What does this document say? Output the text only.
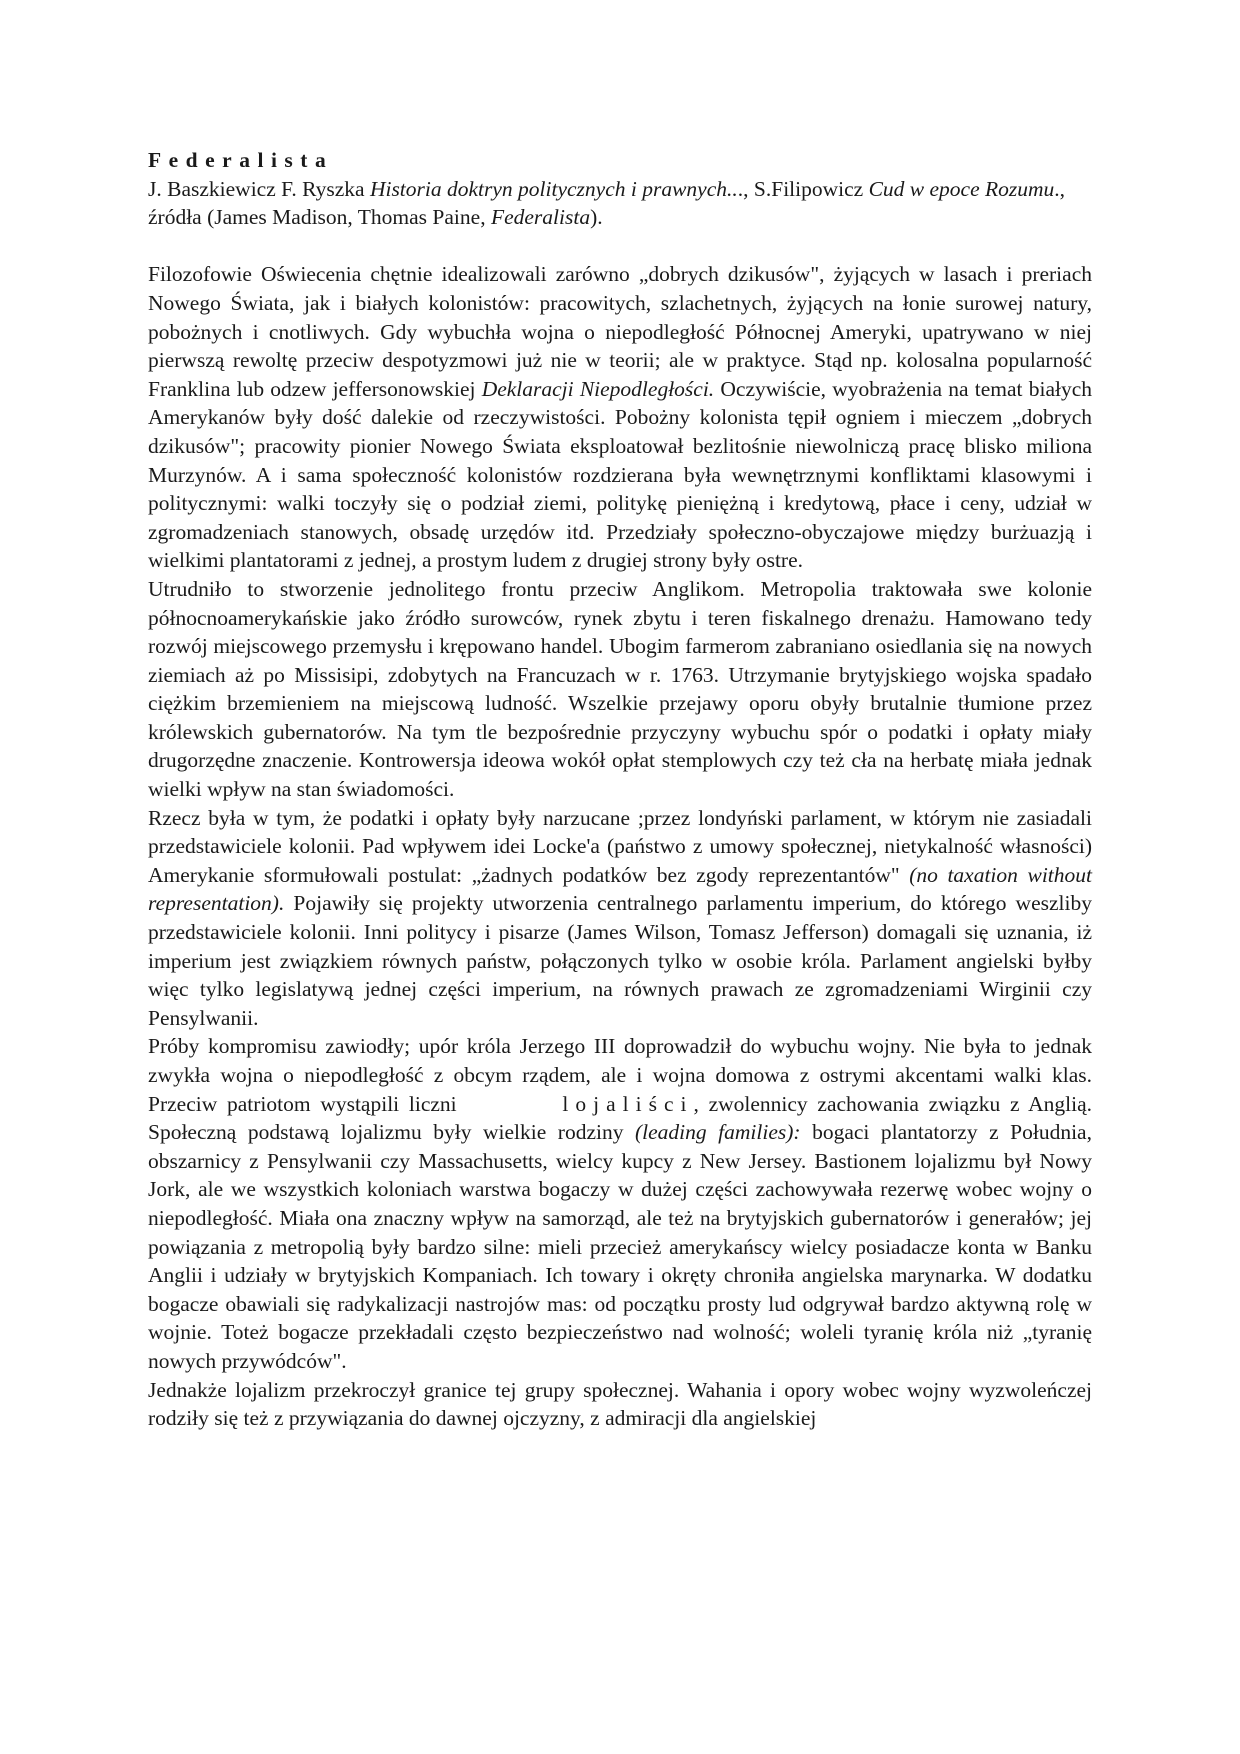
Federalista

J. Baszkiewicz F. Ryszka Historia doktryn politycznych i prawnych..., S.Filipowicz Cud w epoce Rozumu., źródła (James Madison, Thomas Paine, Federalista).

Filozofowie Oświecenia chętnie idealizowali zarówno „dobrych dzikusów", żyjących w lasach i preriach Nowego Świata, jak i białych kolonistów: pracowitych, szlachetnych, żyjących na łonie surowej natury, pobożnych i cnotliwych. Gdy wybuchła wojna o niepodległość Północnej Ameryki, upatrywano w niej pierwszą rewoltę przeciw despotyzmowi już nie w teorii; ale w praktyce. Stąd np. kolosalna popularność Franklina lub odzew jeffersonowskiej Deklaracji Niepodległości. Oczywiście, wyobrażenia na temat białych Amerykanów były dość dalekie od rzeczywistości. Pobożny kolonista tępił ogniem i mieczem „dobrych dzikusów"; pracowity pionier Nowego Świata eksploatował bezlitośnie niewolniczą pracę blisko miliona Murzynów. A i sama społeczność kolonistów rozdzierana była wewnętrznymi konfliktami klasowymi i politycznymi: walki toczyły się o podział ziemi, politykę pieniężną i kredytową, płace i ceny, udział w zgromadzeniach stanowych, obsadę urzędów itd. Przedziały społeczno-obyczajowe między burżuazją i wielkimi plantatorami z jednej, a prostym ludem z drugiej strony były ostre.

Utrudniło to stworzenie jednolitego frontu przeciw Anglikom. Metropolia traktowała swe kolonie północnoamerykańskie jako źródło surowców, rynek zbytu i teren fiskalnego drenażu. Hamowano tedy rozwój miejscowego przemysłu i krępowano handel. Ubogim farmerom zabraniano osiedlania się na nowych ziemiach aż po Missisipi, zdobytych na Francuzach w r. 1763. Utrzymanie brytyjskiego wojska spadało ciężkim brzemieniem na miejscową ludność. Wszelkie przejawy oporu obyły brutalnie tłumione przez królewskich gubernatorów. Na tym tle bezpośrednie przyczyny wybuchu spór o podatki i opłaty miały drugorzędne znaczenie. Kontrowersja ideowa wokół opłat stemplowych czy też cła na herbatę miała jednak wielki wpływ na stan świadomości.

Rzecz była w tym, że podatki i opłaty były narzucane ;przez londyński parlament, w którym nie zasiadali przedstawiciele kolonii. Pad wpływem idei Locke'a (państwo z umowy społecznej, nietykalność własności) Amerykanie sformułowali postulat: „żadnych podatków bez zgody reprezentantów" (no taxation without representation). Pojawiły się projekty utworzenia centralnego parlamentu imperium, do którego weszliby przedstawiciele kolonii. Inni politycy i pisarze (James Wilson, Tomasz Jefferson) domagali się uznania, iż imperium jest związkiem równych państw, połączonych tylko w osobie króla. Parlament angielski byłby więc tylko legislatywą jednej części imperium, na równych prawach ze zgromadzeniami Wirginii czy Pensylwanii.

Próby kompromisu zawiodły; upór króla Jerzego III doprowadził do wybuchu wojny. Nie była to jednak zwykła wojna o niepodległość z obcym rządem, ale i wojna domowa z ostrymi akcentami walki klas. Przeciw patriotom wystąpili liczni	lojaliści, zwolennicy zachowania związku z Anglią. Społeczną podstawą lojalizmu były wielkie rodziny (leading families): bogaci plantatorzy z Południa, obszarnicy z Pensylwanii czy Massachusetts, wielcy kupcy z New Jersey. Bastionem lojalizmu był Nowy Jork, ale we wszystkich koloniach warstwa bogaczy w dużej części zachowywała rezerwę wobec wojny o niepodległość. Miała ona znaczny wpływ na samorząd, ale też na brytyjskich gubernatorów i generałów; jej powiązania z metropolią były bardzo silne: mieli przecież amerykańscy wielcy posiadacze konta w Banku Anglii i udziały w brytyjskich Kompaniach. Ich towary i okręty chroniła angielska marynarka. W dodatku bogacze obawiali się radykalizacji nastrojów mas: od początku prosty lud odgrywał bardzo aktywną rolę w wojnie. Toteż bogacze przekładali często bezpieczeństwo nad wolność; woleli tyranię króla niż „tyranię nowych przywódców".

Jednakże lojalizm przekroczył granice tej grupy społecznej. Wahania i opory wobec wojny wyzwoleńczej rodziły się też z przywiązania do dawnej ojczyzny, z admiracji dla angielskiej
